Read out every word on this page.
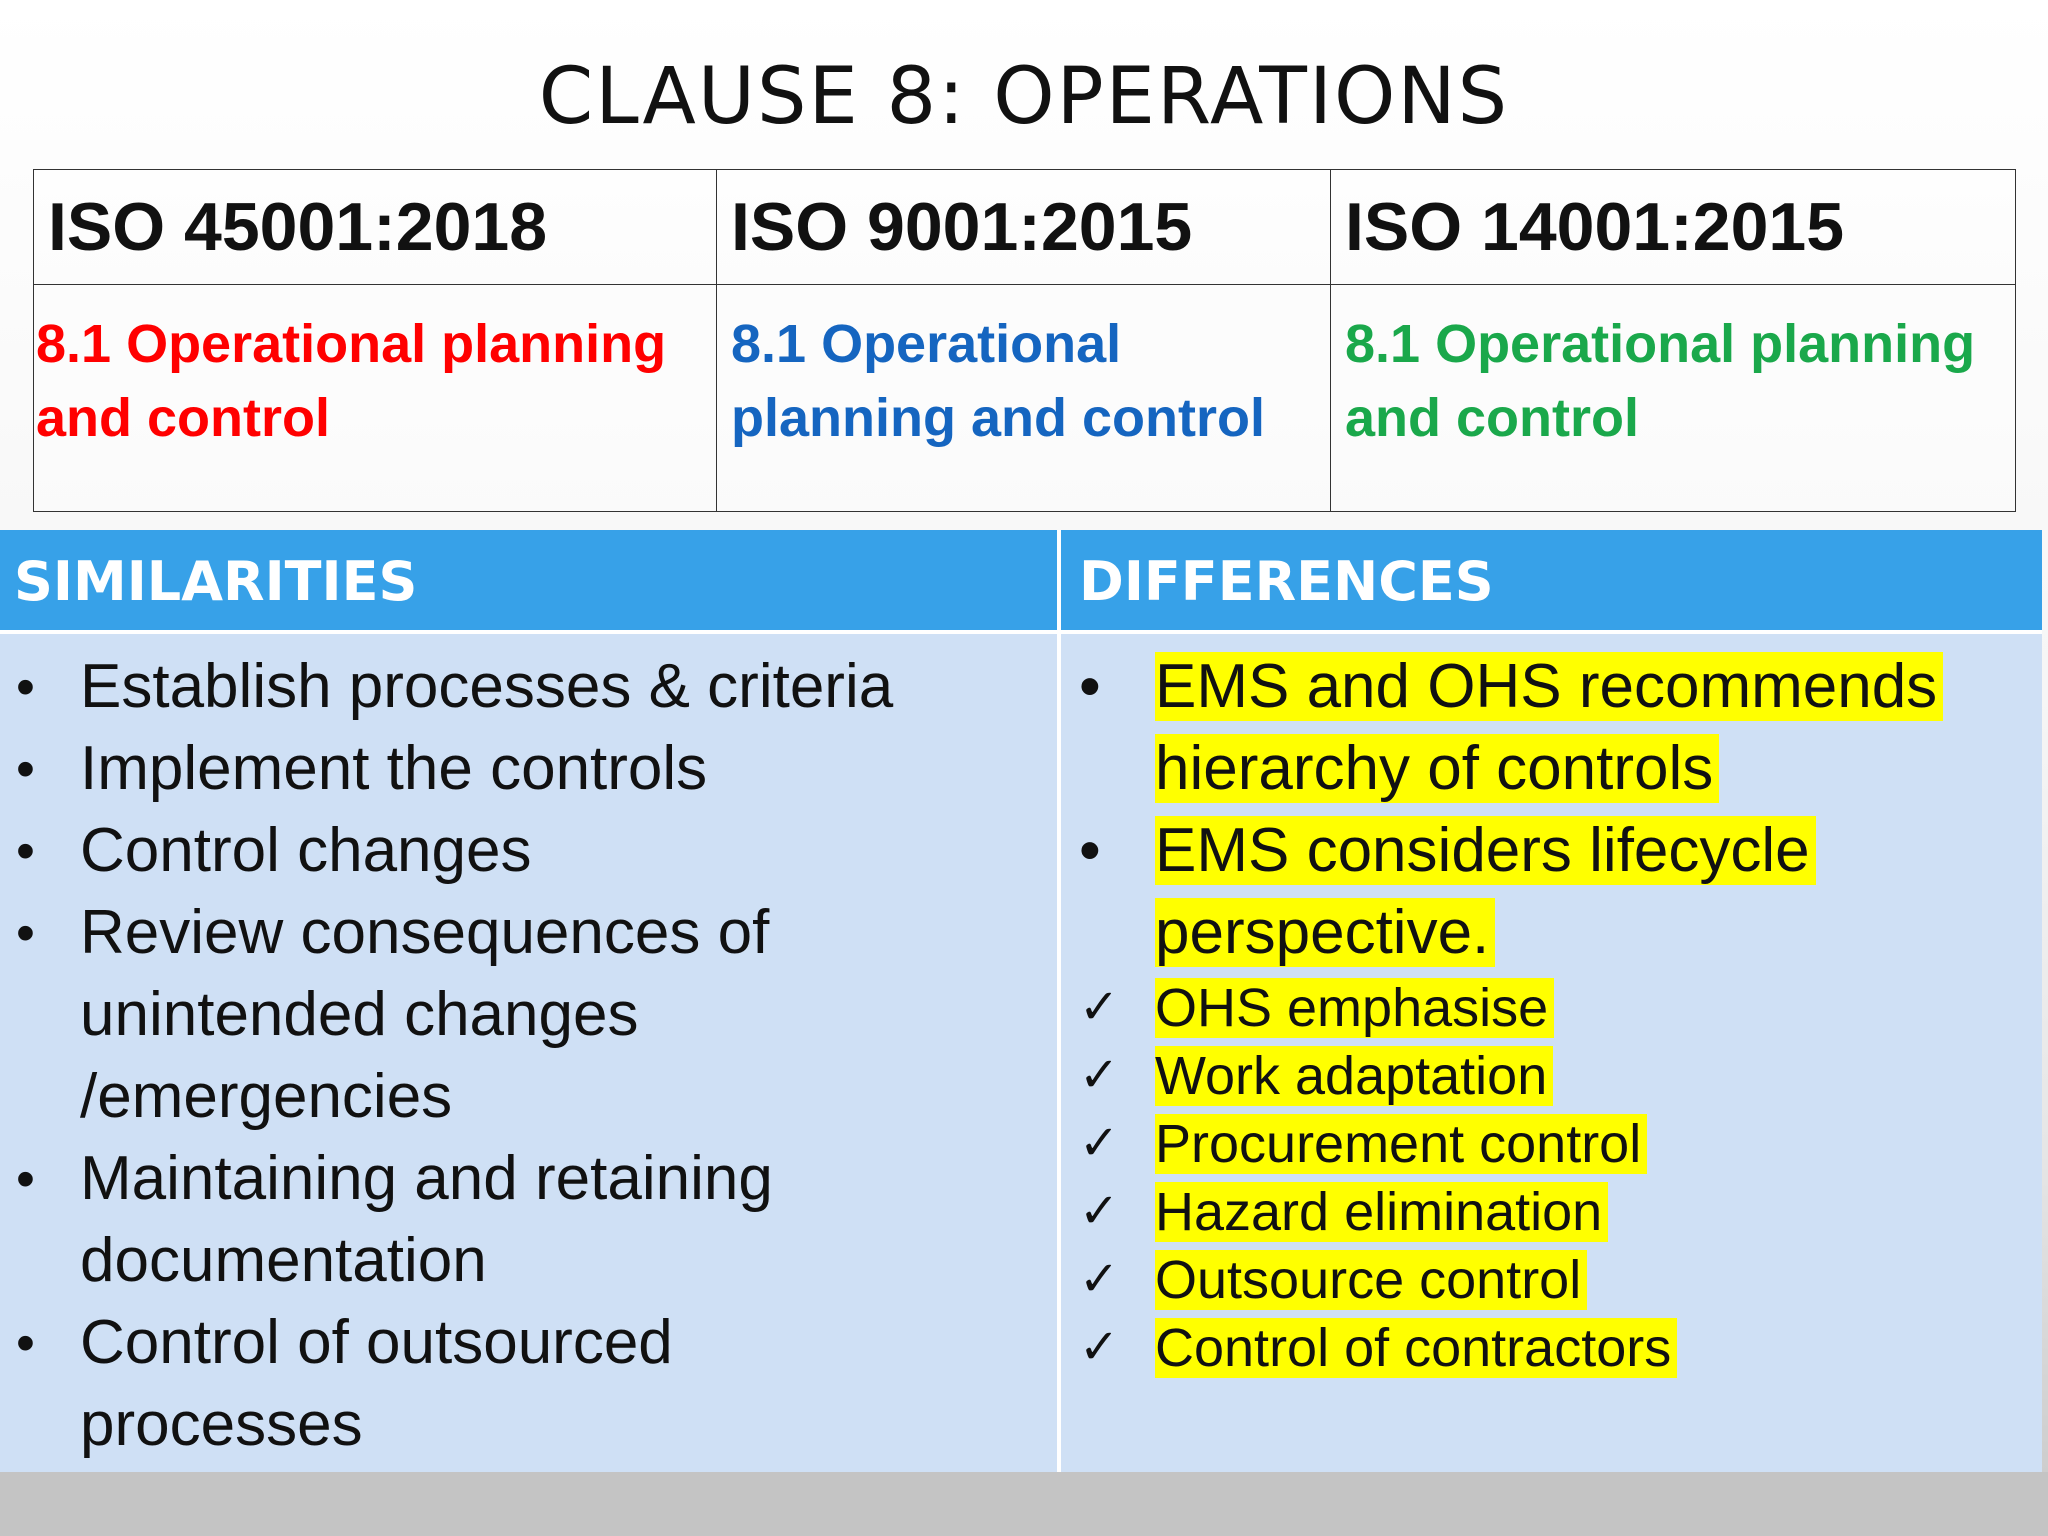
CLAUSE 8: OPERATIONS
ISO 45001:2018	ISO 9001:2015	ISO 14001:2015

8.1 Operational planning and control	8.1 Operational planning and control	8.1 Operational planning and control
SIMILARITIES	DIFFERENCES
• Establish processes & criteria
• Implement the controls
• Control changes
• Review consequences of unintended changes /emergencies
• Maintaining and retaining documentation
• Control of outsourced processes
• EMS and OHS recommends hierarchy of controls
• EMS considers lifecycle perspective.
✓ OHS emphasise
✓ Work adaptation
✓ Procurement control
✓ Hazard elimination
✓ Outsource control
✓ Control of contractors
